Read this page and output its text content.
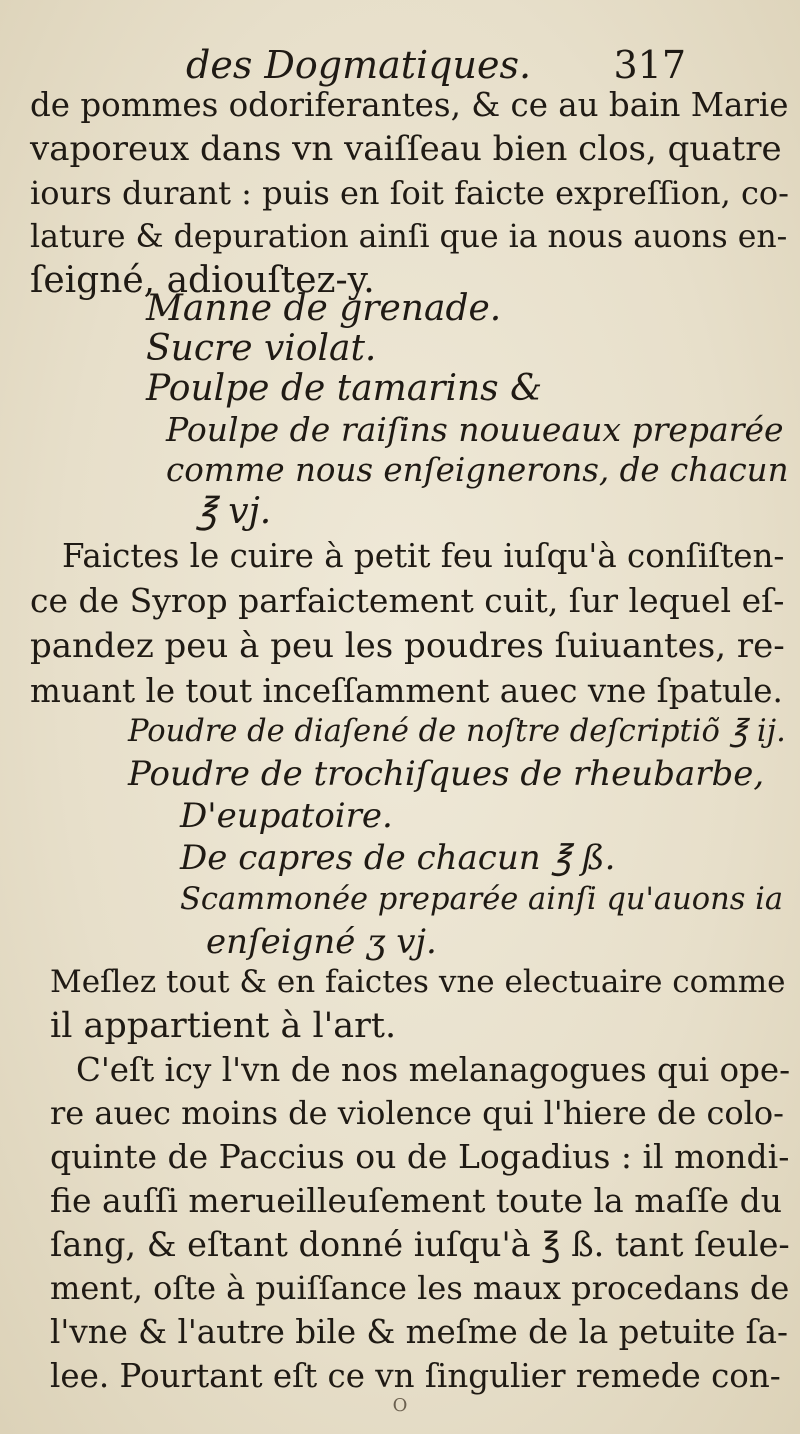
des Dogmatiques. 317
de pommes odoriferantes, & ce au bain Marie
vaporeux dans vn vaiſſeau bien clos, quatre
iours durant : puis en ſoit faicte expreſſion, co-
lature & depuration ainſi que ia nous auons en-
ſeigné, adiouſtez-y.
Manne de grenade.
Sucre violat.
Poulpe de tamarins &
Poulpe de raiſins nouueaux preparée
comme nous enſeignerons, de chacun
℥ vj.
Faictes le cuire à petit feu iuſqu'à conſiſten-
ce de Syrop parfaictement cuit, ſur lequel eſ-
pandez peu à peu les poudres ſuiuantes, re-
muant le tout inceſſamment auec vne ſpatule.
Poudre de diaſené de noſtre deſcriptiõ ℥ ij.
Poudre de trochiſques de rheubarbe,
D'eupatoire.
De capres de chacun ℥ ß.
Scammonée preparée ainſi qu'auons ia
enſeigné ʒ vj.
Meſlez tout & en faictes vne electuaire comme
il appartient à l'art.
C'eſt icy l'vn de nos melanagogues qui ope-
re auec moins de violence qui l'hiere de colo-
quinte de Paccius ou de Logadius : il mondi-
fie auſſi merueilleuſement toute la maſſe du
ſang, & eſtant donné iuſqu'à ℥ ß. tant ſeule-
ment, oſte à puiſſance les maux procedans de
l'vne & l'autre bile & meſme de la petuite ſa-
lee. Pourtant eſt ce vn ſingulier remede con-
O
